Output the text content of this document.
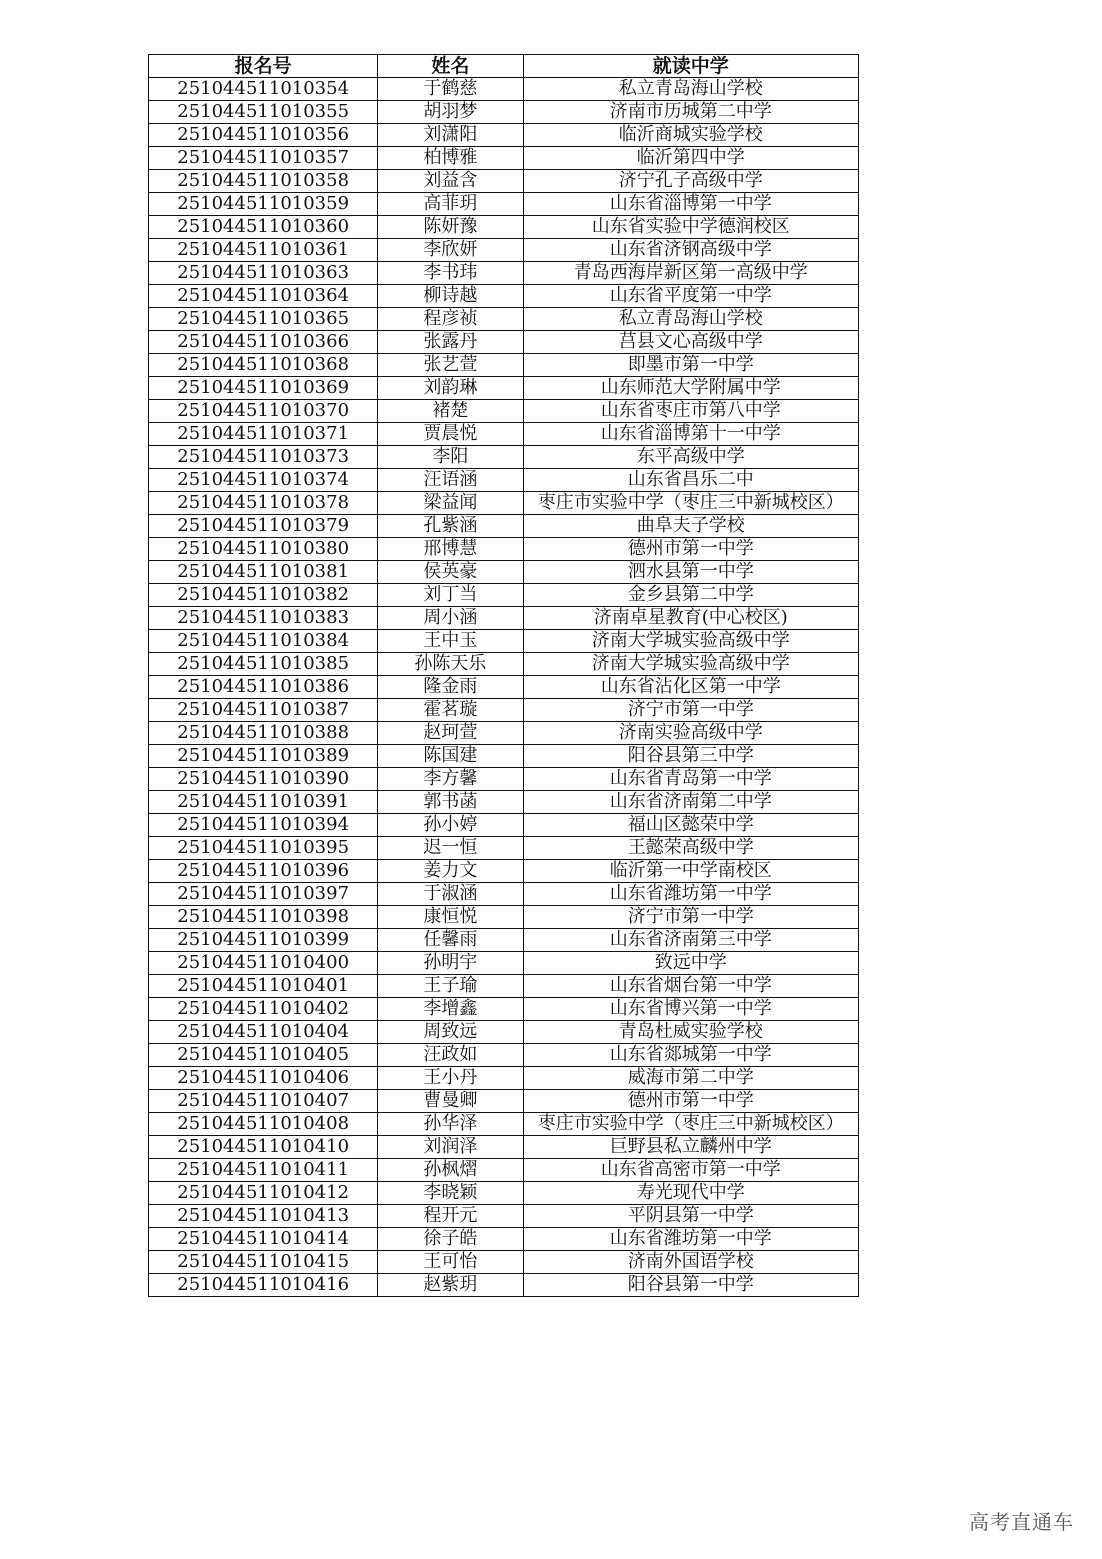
报名号	姓名	就读中学
251044511010354	于鹤慈	私立青岛海山学校
251044511010355	胡羽梦	济南市历城第二中学
251044511010356	刘潇阳	临沂商城实验学校
251044511010357	柏博雅	临沂第四中学
251044511010358	刘益含	济宁孔子高级中学
251044511010359	高菲玥	山东省淄博第一中学
251044511010360	陈妍豫	山东省实验中学德润校区
251044511010361	李欣妍	山东省济钢高级中学
251044511010363	李书玮	青岛西海岸新区第一高级中学
251044511010364	柳诗越	山东省平度第一中学
251044511010365	程彦祯	私立青岛海山学校
251044511010366	张露丹	莒县文心高级中学
251044511010368	张艺萱	即墨市第一中学
251044511010369	刘韵琳	山东师范大学附属中学
251044511010370	褚楚	山东省枣庄市第八中学
251044511010371	贾晨悦	山东省淄博第十一中学
251044511010373	李阳	东平高级中学
251044511010374	汪语涵	山东省昌乐二中
251044511010378	梁益闻	枣庄市实验中学（枣庄三中新城校区）
251044511010379	孔紫涵	曲阜夫子学校
251044511010380	邢博慧	德州市第一中学
251044511010381	侯英豪	泗水县第一中学
251044511010382	刘丁当	金乡县第二中学
251044511010383	周小涵	济南卓星教育(中心校区)
251044511010384	王中玉	济南大学城实验高级中学
251044511010385	孙陈天乐	济南大学城实验高级中学
251044511010386	隆金雨	山东省沾化区第一中学
251044511010387	霍茗璇	济宁市第一中学
251044511010388	赵珂萱	济南实验高级中学
251044511010389	陈国建	阳谷县第三中学
251044511010390	李方馨	山东省青岛第一中学
251044511010391	郭书菡	山东省济南第二中学
251044511010394	孙小婷	福山区懿荣中学
251044511010395	迟一恒	王懿荣高级中学
251044511010396	姜力文	临沂第一中学南校区
251044511010397	于淑涵	山东省潍坊第一中学
251044511010398	康恒悦	济宁市第一中学
251044511010399	任馨雨	山东省济南第三中学
251044511010400	孙明宇	致远中学
251044511010401	王子瑜	山东省烟台第一中学
251044511010402	李增鑫	山东省博兴第一中学
251044511010404	周致远	青岛杜威实验学校
251044511010405	汪政如	山东省郯城第一中学
251044511010406	王小丹	威海市第二中学
251044511010407	曹曼卿	德州市第一中学
251044511010408	孙华泽	枣庄市实验中学（枣庄三中新城校区）
251044511010410	刘润泽	巨野县私立麟州中学
251044511010411	孙枫熠	山东省高密市第一中学
251044511010412	李晓颖	寿光现代中学
251044511010413	程开元	平阴县第一中学
251044511010414	徐子皓	山东省潍坊第一中学
251044511010415	王可怡	济南外国语学校
251044511010416	赵紫玥	阳谷县第一中学
高考直通车
